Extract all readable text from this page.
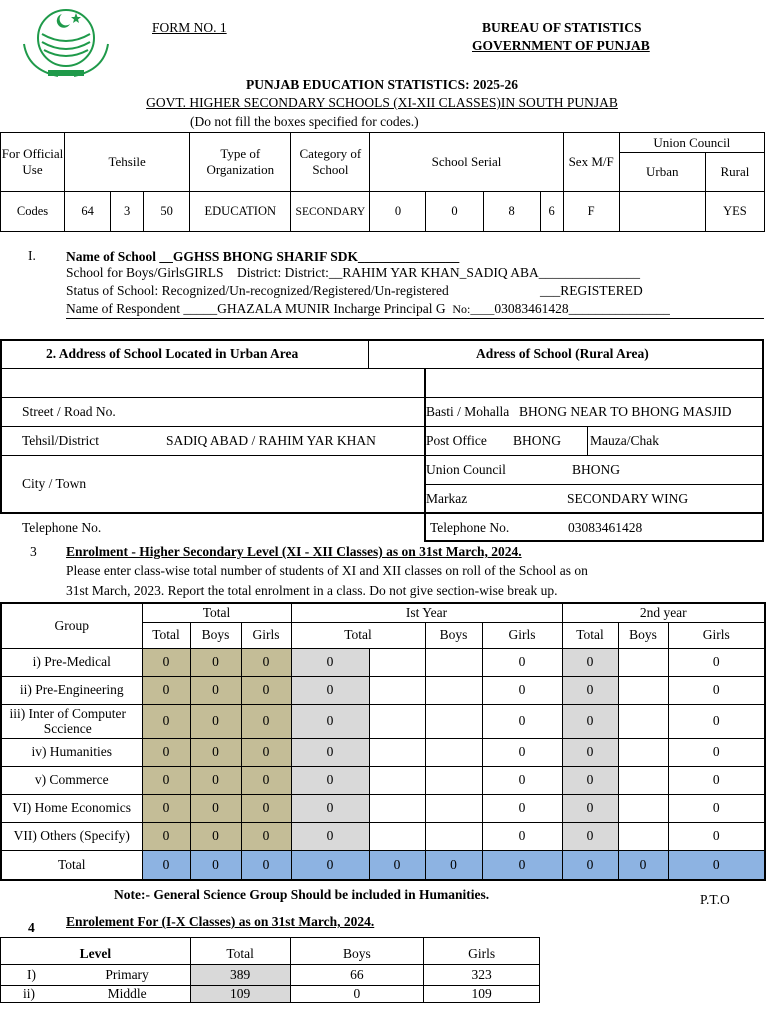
FORM NO. 1	BUREAU OF STATISTICS
GOVERNMENT OF PUNJAB
PUNJAB EDUCATION STATISTICS: 2025-26
GOVT. HIGHER SECONDARY SCHOOLS (XI-XII CLASSES)IN SOUTH PUNJAB
(Do not fill the boxes specified for codes.)
For Official Use	Tehsile			Type of Organization	Category of School	School Serial				Sex M/F	Union Council	
											Urban	Rural
Codes	64	3	50	EDUCATION	SECONDARY	0	0	8	6	F		YES
I. Name of School __GGHSS BHONG SHARIF SDK_______________
School for Boys/GirlsGIRLS District: District:__RAHIM YAR KHAN_SADIQ ABA_______________
Status of School: Recognized/Un-recognized/Registered/Un-registered	___REGISTERED
Name of Respondent _____GHAZALA MUNIR Incharge Principal G No:____03083461428_______________
2. Address of School Located in Urban Area	Adress of School (Rural Area)
Street / Road No.
Tehsil/District	SADIQ ABAD / RAHIM YAR KHAN
City / Town
Telephone No.
Basti / Mohalla BHONG NEAR TO BHONG MASJID
Post Office BHONG Mauza/Chak
Union Council	BHONG
Markaz	SECONDARY WING
Telephone No.	03083461428
3 Enrolment - Higher Secondary Level (XI - XII Classes) as on 31st March, 2024.
Please enter class-wise total number of students of XI and XII classes on roll of the School as on
31st March, 2023. Report the total enrolment in a class. Do not give section-wise break up.
Group	Total			Ist Year				2nd year		
	Total	Boys	Girls	Total		Boys	Girls	Total	Boys	Girls
i) Pre-Medical	0	0	0	0			0	0		0
ii) Pre-Engineering	0	0	0	0			0	0		0
iii) Inter of Computer Sccience	0	0	0	0			0	0		0
iv) Humanities	0	0	0	0			0	0		0
v) Commerce	0	0	0	0			0	0		0
VI) Home Economics	0	0	0	0			0	0		0
VII) Others (Specify)	0	0	0	0			0	0		0
Total	0	0	0	0	0	0	0	0	0	0
Note:- General Science Group Should be included in Humanities.	P.T.O
4 Enrolement For (I-X Classes) as on 31st March, 2024.
Level		Total	Boys	Girls
I)	Primary	389	66	323
ii)	Middle	109	0	109
